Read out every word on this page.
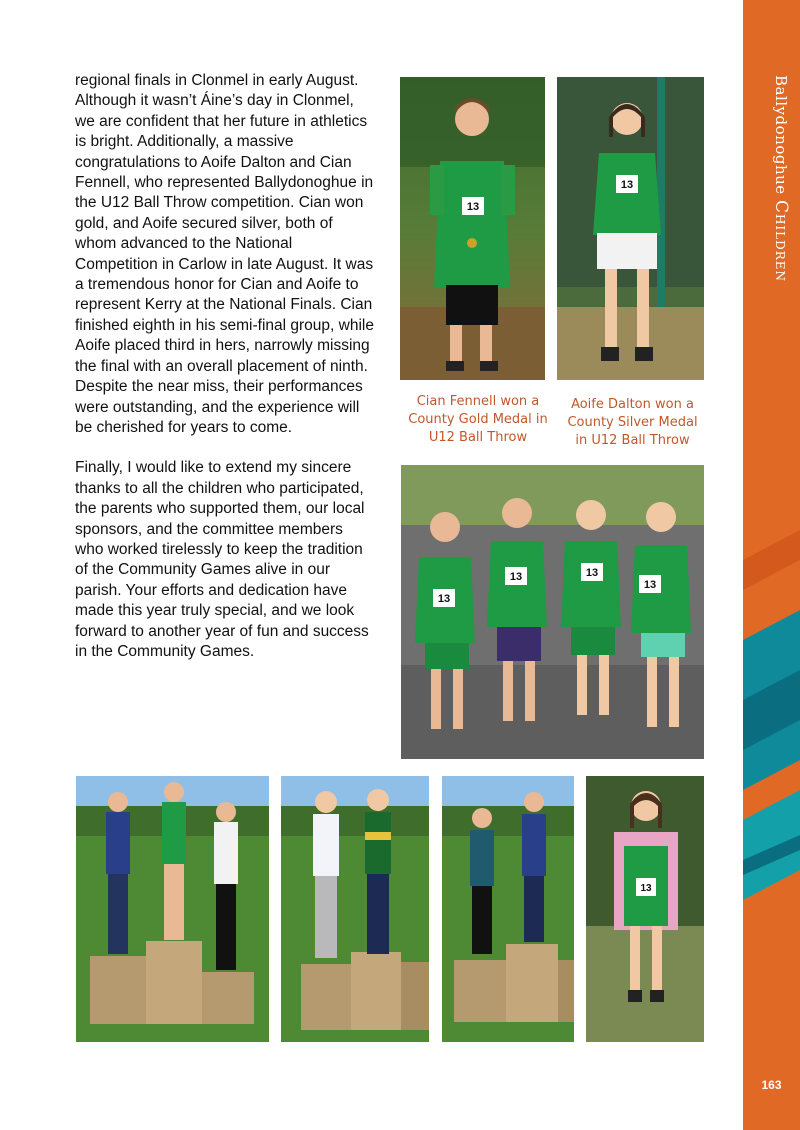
Ballydonoghue Children
163

regional finals in Clonmel in early August. Although it wasn’t Áine’s day in Clonmel, we are confident that her future in athletics is bright. Additionally, a massive congratulations to Aoife Dalton and Cian Fennell, who represented Ballydonoghue in the U12 Ball Throw competition. Cian won gold, and Aoife secured silver, both of whom advanced to the National Competition in Carlow in late August. It was a tremendous honor for Cian and Aoife to represent Kerry at the National Finals. Cian finished eighth in his semi-final group, while Aoife placed third in hers, narrowly missing the final with an overall placement of ninth. Despite the near miss, their performances were outstanding, and the experience will be cherished for years to come.

Finally, I would like to extend my sincere thanks to all the children who participated, the parents who supported them, our local sponsors, and the committee members who worked tirelessly to keep the tradition of the Community Games alive in our parish. Your efforts and dedication have made this year truly special, and we look forward to another year of fun and success in the Community Games.

13
Cian Fennell won a County Gold Medal in U12 Ball Throw
13
Aoife Dalton won a County Silver Medal in U12 Ball Throw
13
13	13
13
13
